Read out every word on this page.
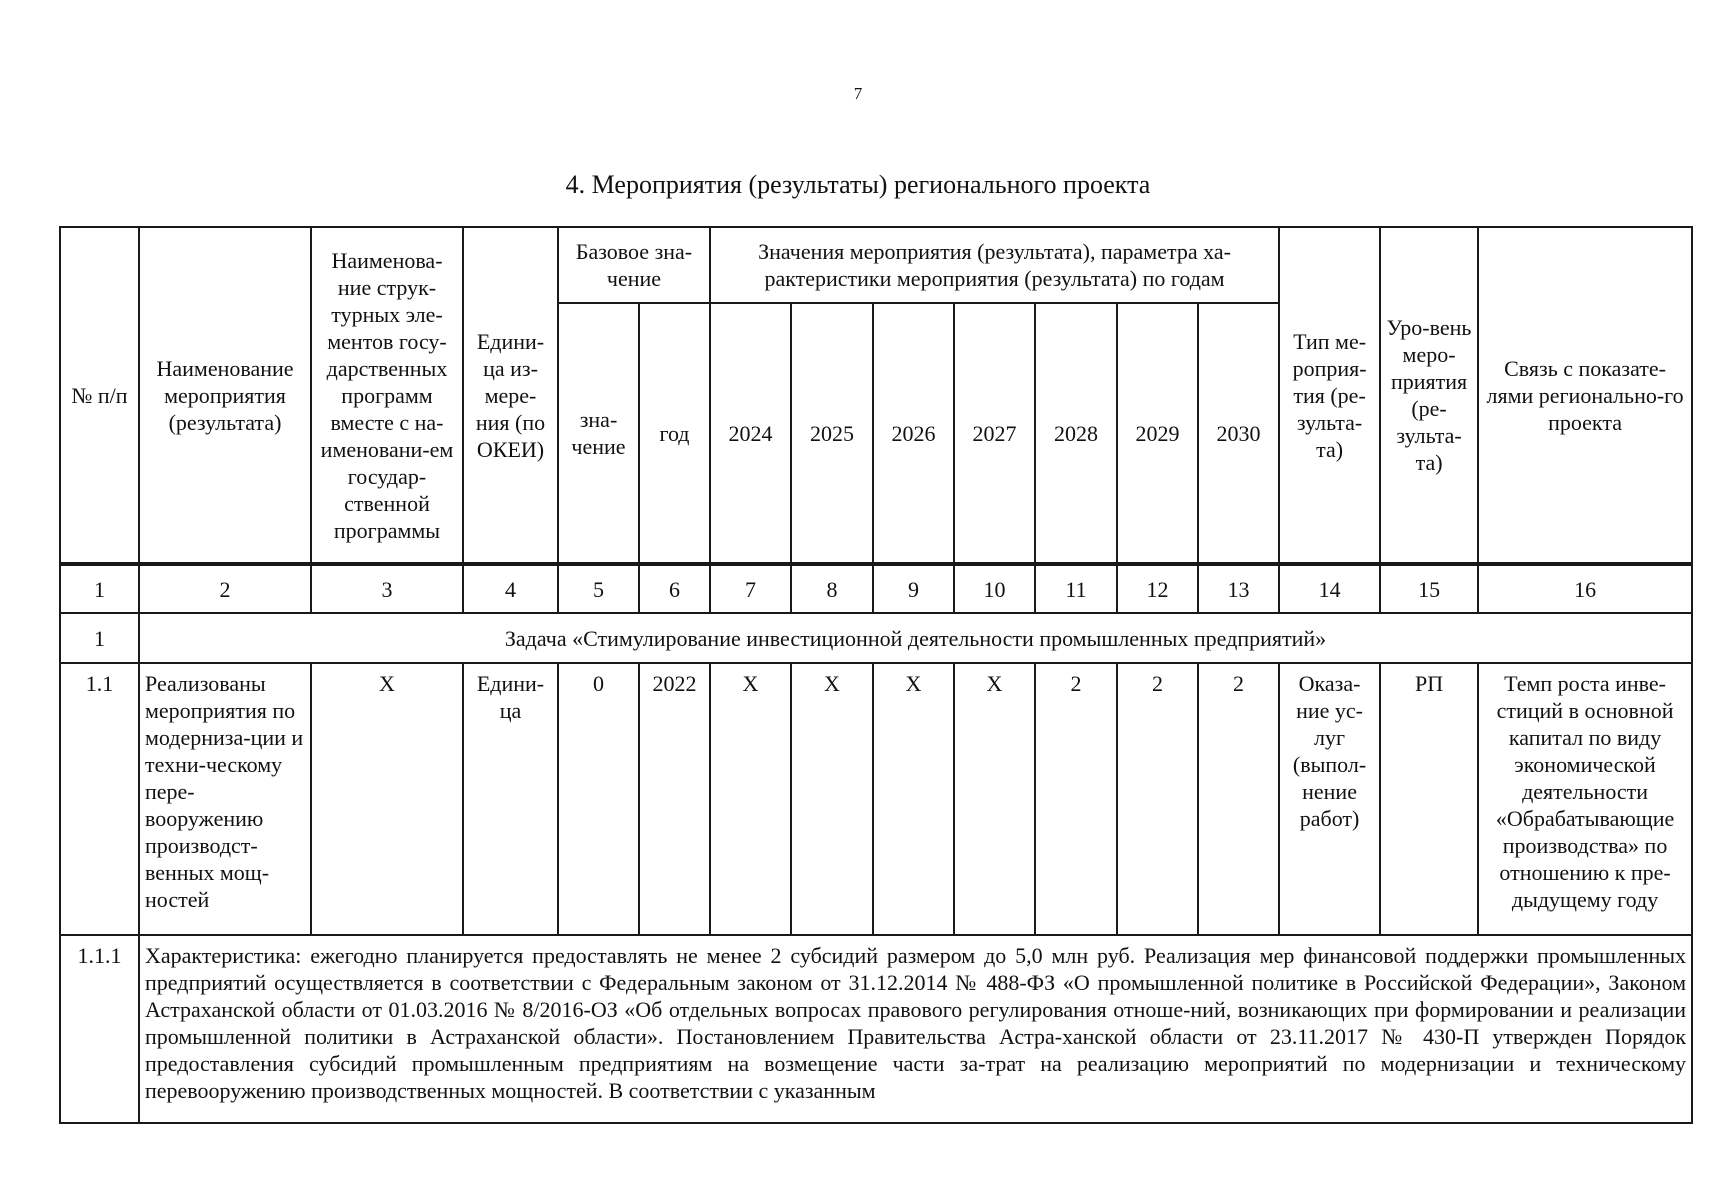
7
4. Мероприятия (результаты) регионального проекта
№ п/п	Наименование мероприятия (результата)	Наименова-ние струк-турных эле-ментов госу-дарственных программ вместе с на-именовани-ем государ-ственной программы	Едини-ца из-мере-ния (по ОКЕИ)	Базовое зна-чение		Значения мероприятия (результата), параметра ха-рактеристики мероприятия (результата) по годам							Тип ме-роприя-тия (ре-зульта-та)	Уро-вень меро-приятия (ре-зульта-та)	Связь с показате-лями регионально-го проекта
				зна-чение	год	2024	2025	2026	2027	2028	2029	2030			
1	2	3	4	5	6	7	8	9	10	11	12	13	14	15	16
1	Задача «Стимулирование инвестиционной деятельности промышленных предприятий»														
1.1	Реализованы мероприятия по модерниза-ции и техни-ческому пере-вооружению производст-венных мощ-ностей	X	Едини-ца	0	2022	X	X	X	X	2	2	2	Оказа-ние ус-луг (выпол-нение работ)	РП	Темп роста инве-стиций в основной капитал по виду экономической деятельности «Обрабатывающие производства» по отношению к пре-дыдущему году
1.1.1	Характеристика: ежегодно планируется предоставлять не менее 2 субсидий размером до 5,0 млн руб. Реализация мер финансовой поддержки промышленных предприятий осуществляется в соответствии с Федеральным законом от 31.12.2014 № 488-ФЗ «О промышленной политике в Российской Федерации», Законом Астраханской области от 01.03.2016 № 8/2016-ОЗ «Об отдельных вопросах правового регулирования отноше-ний, возникающих при формировании и реализации промышленной политики в Астраханской области». Постановлением Правительства Астра-ханской области от 23.11.2017 № 430-П утвержден Порядок предоставления субсидий промышленным предприятиям на возмещение части за-трат на реализацию мероприятий по модернизации и техническому перевооружению производственных мощностей. В соответствии с указанным														
